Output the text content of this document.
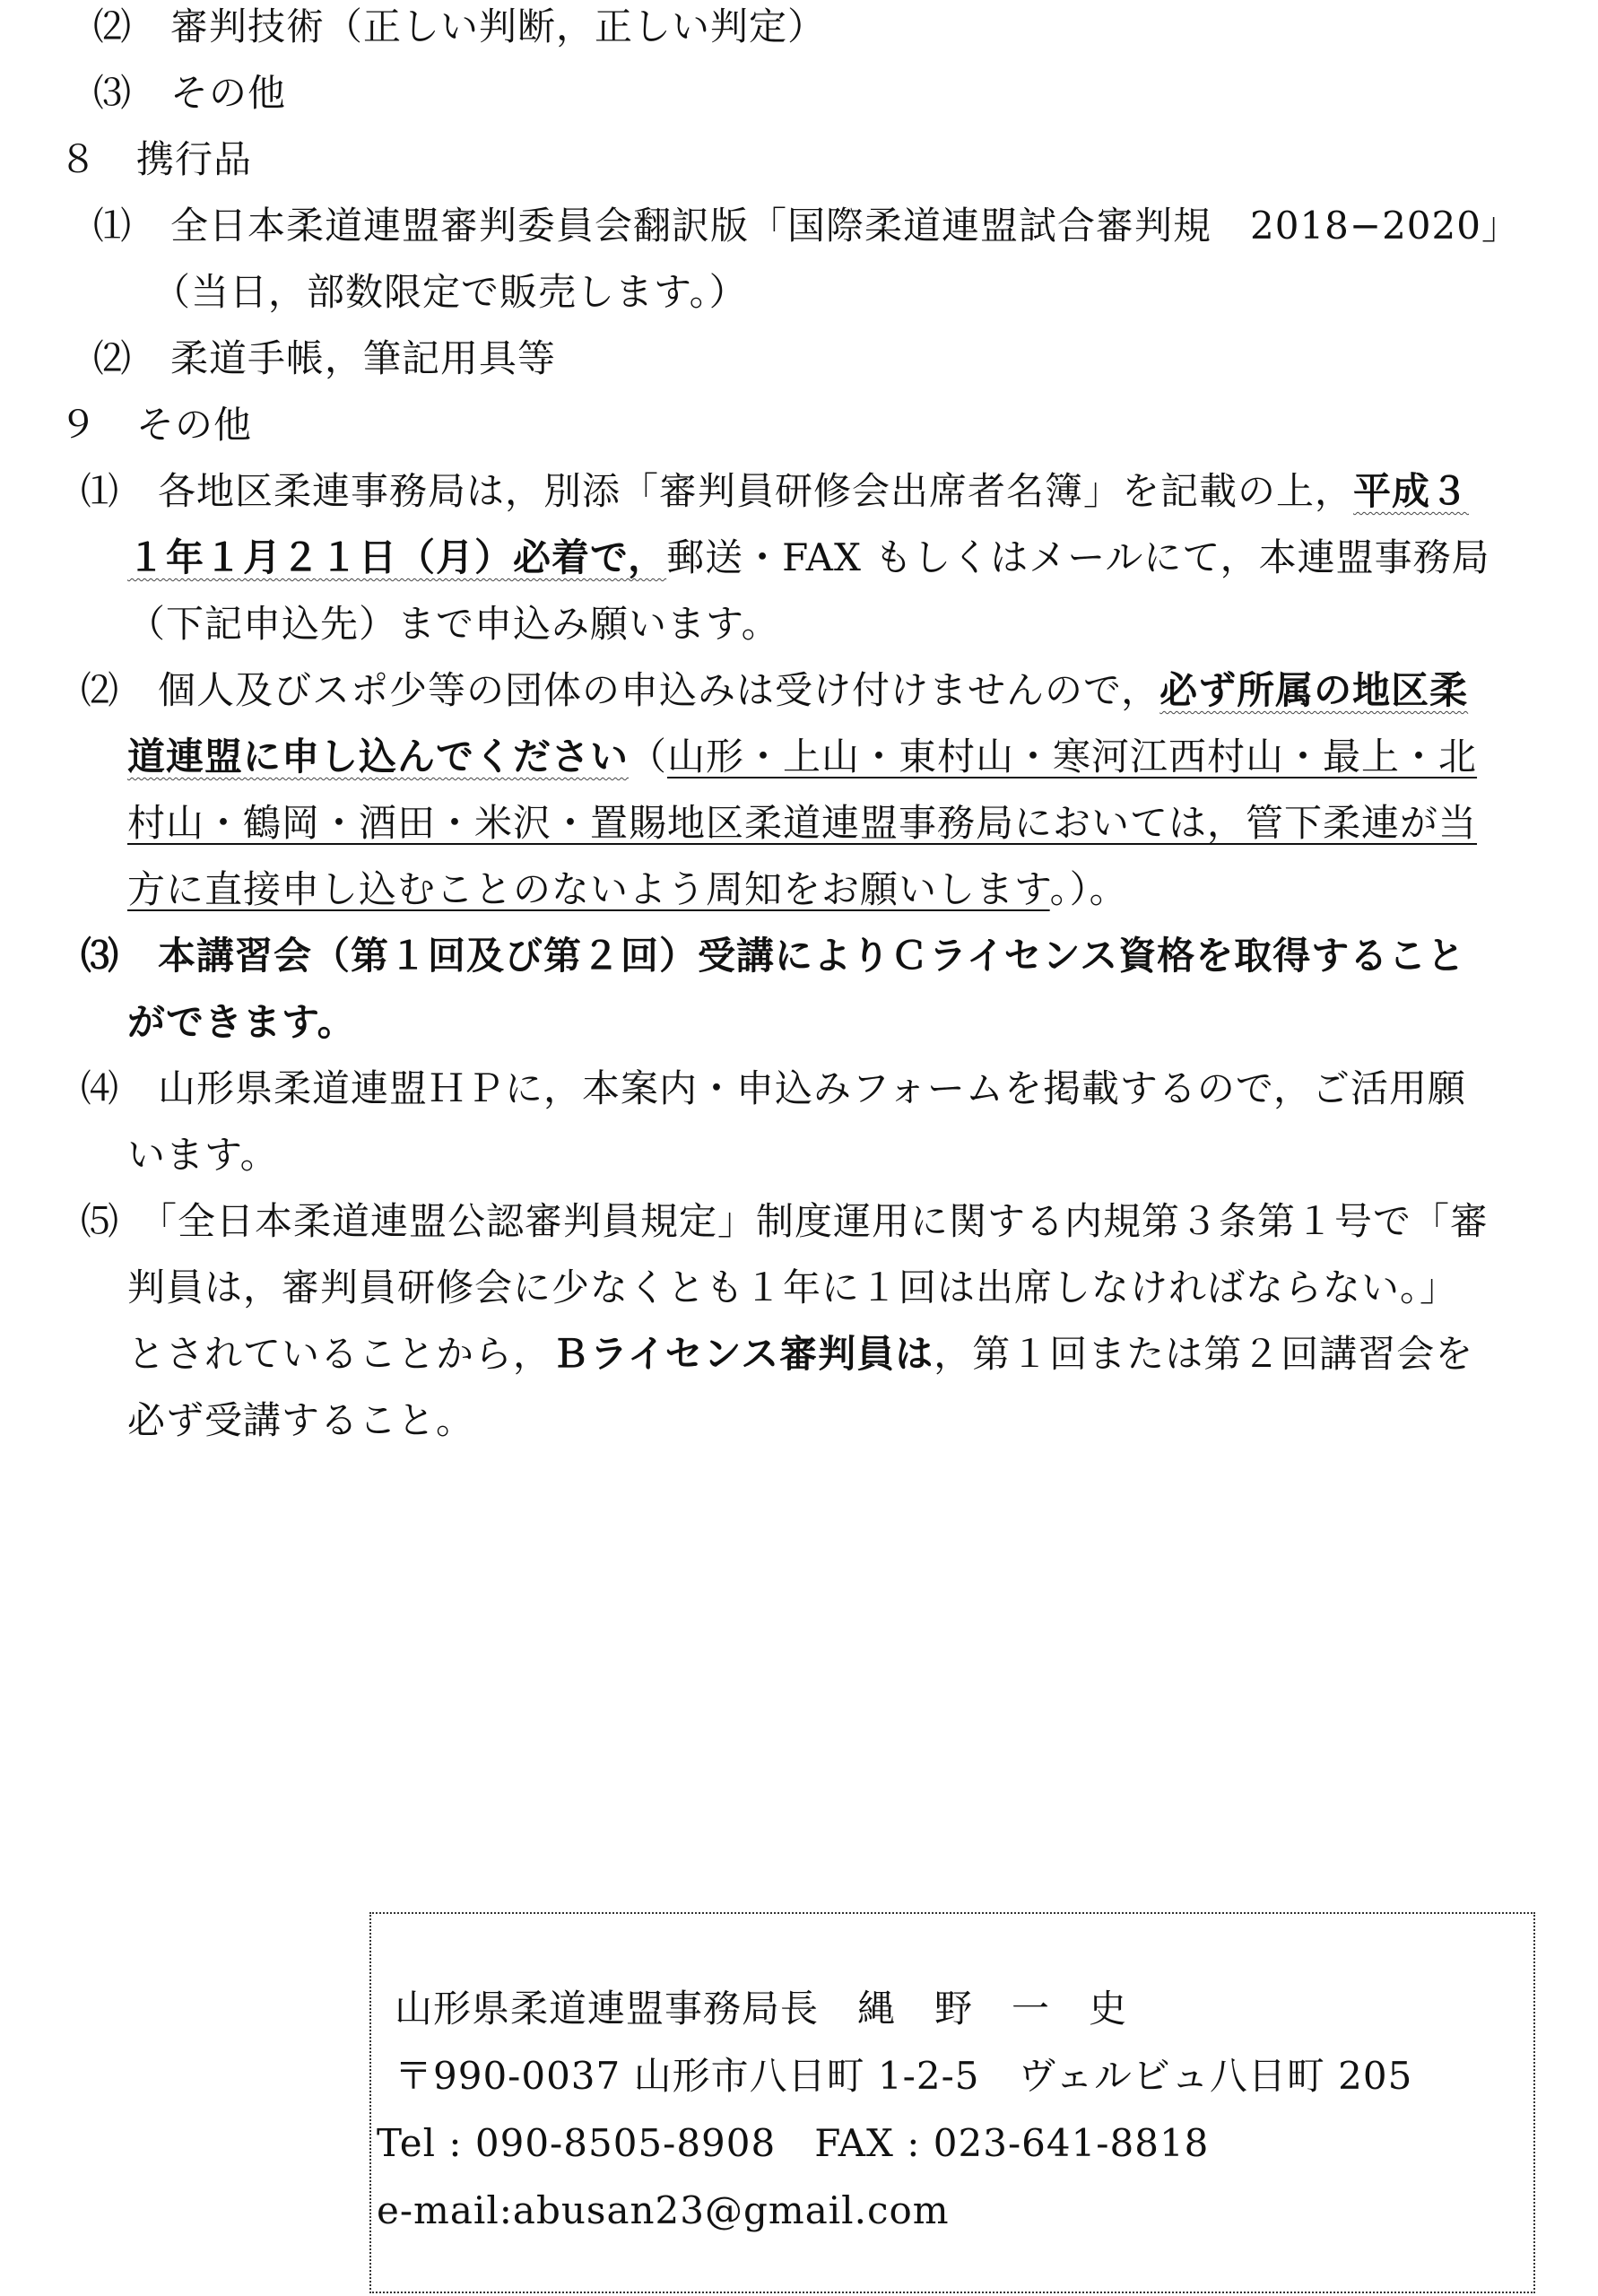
⑵　審判技術（正しい判断，正しい判定）
⑶　その他
８　携行品
⑴　全日本柔道連盟審判委員会翻訳版「国際柔道連盟試合審判規　2018−2020」
（当日，部数限定で販売します。）
⑵　柔道手帳，筆記用具等
９　その他
⑴　各地区柔連事務局は，別添「審判員研修会出席者名簿」を記載の上，平成３
１年１月２１日（月）必着で，郵送・FAX もしくはメールにて，本連盟事務局
（下記申込先）まで申込み願います。
⑵　個人及びスポ少等の団体の申込みは受け付けませんので，必ず所属の地区柔
道連盟に申し込んでください（山形・上山・東村山・寒河江西村山・最上・北
村山・鶴岡・酒田・米沢・置賜地区柔道連盟事務局においては，管下柔連が当
方に直接申し込むことのないよう周知をお願いします。）。
⑶　本講習会（第１回及び第２回）受講によりＣライセンス資格を取得すること
ができます。
⑷　山形県柔道連盟ＨＰに，本案内・申込みフォームを掲載するので，ご活用願
います。
⑸　「全日本柔道連盟公認審判員規定」制度運用に関する内規第３条第１号で「審
判員は，審判員研修会に少なくとも１年に１回は出席しなければならない。」
とされていることから，Ｂライセンス審判員は，第１回または第２回講習会を
必ず受講すること。
山形県柔道連盟事務局長　縄　野　一　史
〒990-0037 山形市八日町 1-2-5　ヴェルビュ八日町 205
Tel : 090-8505-8908　FAX : 023-641-8818
e-mail:abusan23@gmail.com
